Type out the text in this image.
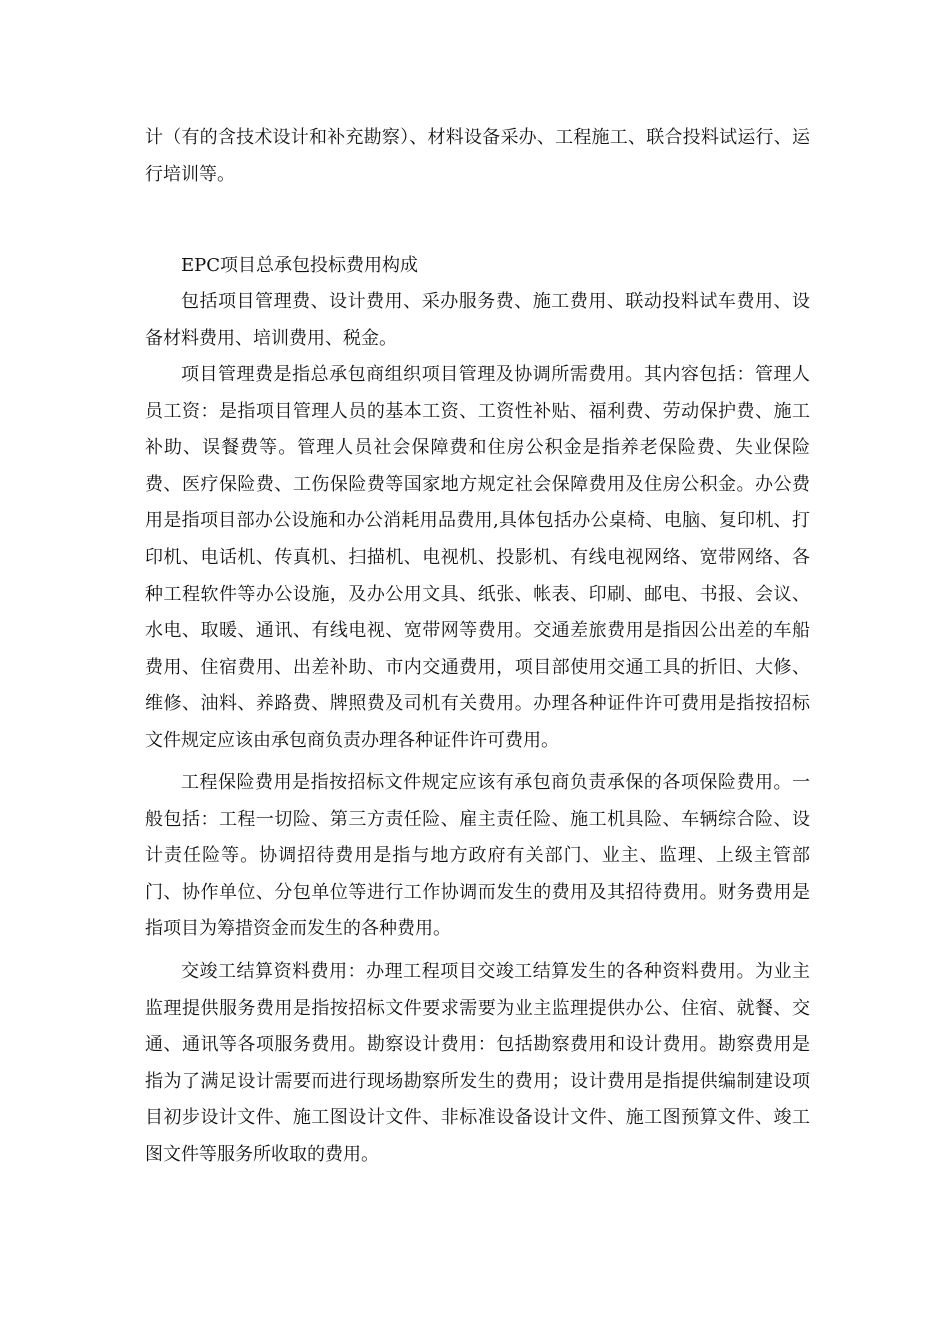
计（有的含技术设计和补充勘察）、材料设备采办、工程施工、联合投料试运行、运行培训等。

EPC项目总承包投标费用构成

包括项目管理费、设计费用、采办服务费、施工费用、联动投料试车费用、设备材料费用、培训费用、税金。

项目管理费是指总承包商组织项目管理及协调所需费用。其内容包括：管理人员工资：是指项目管理人员的基本工资、工资性补贴、福利费、劳动保护费、施工补助、误餐费等。管理人员社会保障费和住房公积金是指养老保险费、失业保险费、医疗保险费、工伤保险费等国家地方规定社会保障费用及住房公积金。办公费用是指项目部办公设施和办公消耗用品费用,具体包括办公桌椅、电脑、复印机、打印机、电话机、传真机、扫描机、电视机、投影机、有线电视网络、宽带网络、各种工程软件等办公设施，及办公用文具、纸张、帐表、印刷、邮电、书报、会议、水电、取暖、通讯、有线电视、宽带网等费用。交通差旅费用是指因公出差的车船费用、住宿费用、出差补助、市内交通费用，项目部使用交通工具的折旧、大修、维修、油料、养路费、牌照费及司机有关费用。办理各种证件许可费用是指按招标文件规定应该由承包商负责办理各种证件许可费用。

工程保险费用是指按招标文件规定应该有承包商负责承保的各项保险费用。一般包括：工程一切险、第三方责任险、雇主责任险、施工机具险、车辆综合险、设计责任险等。协调招待费用是指与地方政府有关部门、业主、监理、上级主管部门、协作单位、分包单位等进行工作协调而发生的费用及其招待费用。财务费用是指项目为筹措资金而发生的各种费用。

交竣工结算资料费用：办理工程项目交竣工结算发生的各种资料费用。为业主监理提供服务费用是指按招标文件要求需要为业主监理提供办公、住宿、就餐、交通、通讯等各项服务费用。勘察设计费用：包括勘察费用和设计费用。勘察费用是指为了满足设计需要而进行现场勘察所发生的费用；设计费用是指提供编制建设项目初步设计文件、施工图设计文件、非标准设备设计文件、施工图预算文件、竣工图文件等服务所收取的费用。
